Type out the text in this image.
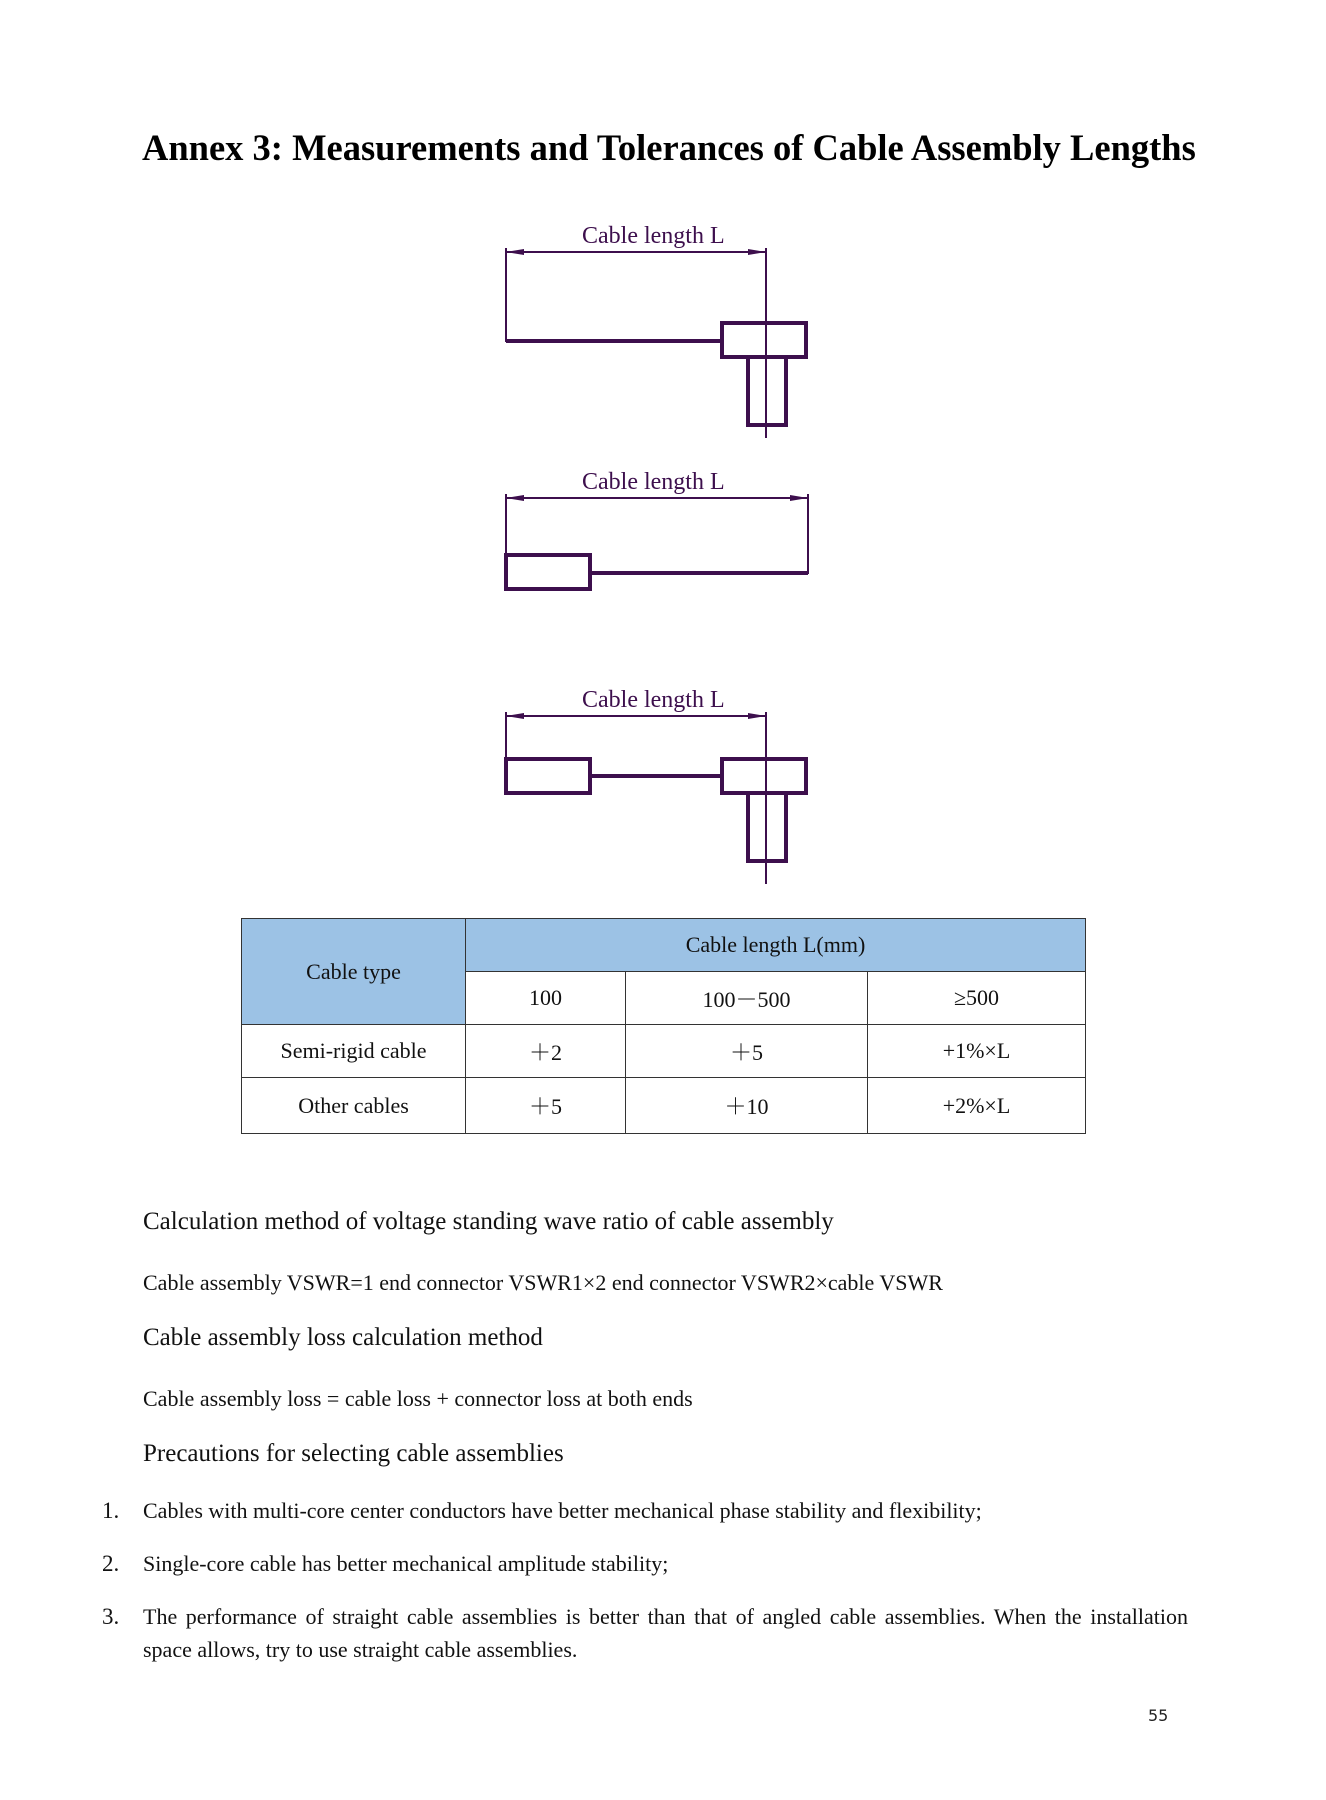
Annex 3: Measurements and Tolerances of Cable Assembly Lengths
Cable length L
Cable length L
Cable length L
Cable type	Cable length L(mm)		
	100	100－500	≥500
Semi-rigid cable	＋2	＋5	+1%×L
Other cables	＋5	＋10	+2%×L

Calculation method of voltage standing wave ratio of cable assembly

Cable assembly VSWR=1 end connector VSWR1×2 end connector VSWR2×cable VSWR

Cable assembly loss calculation method

Cable assembly loss = cable loss + connector loss at both ends

Precautions for selecting cable assemblies

1. Cables with multi-core center conductors have better mechanical phase stability and flexibility;
2. Single-core cable has better mechanical amplitude stability;
3. The performance of straight cable assemblies is better than that of angled cable assemblies. When the installation space allows, try to use straight cable assemblies.
55
